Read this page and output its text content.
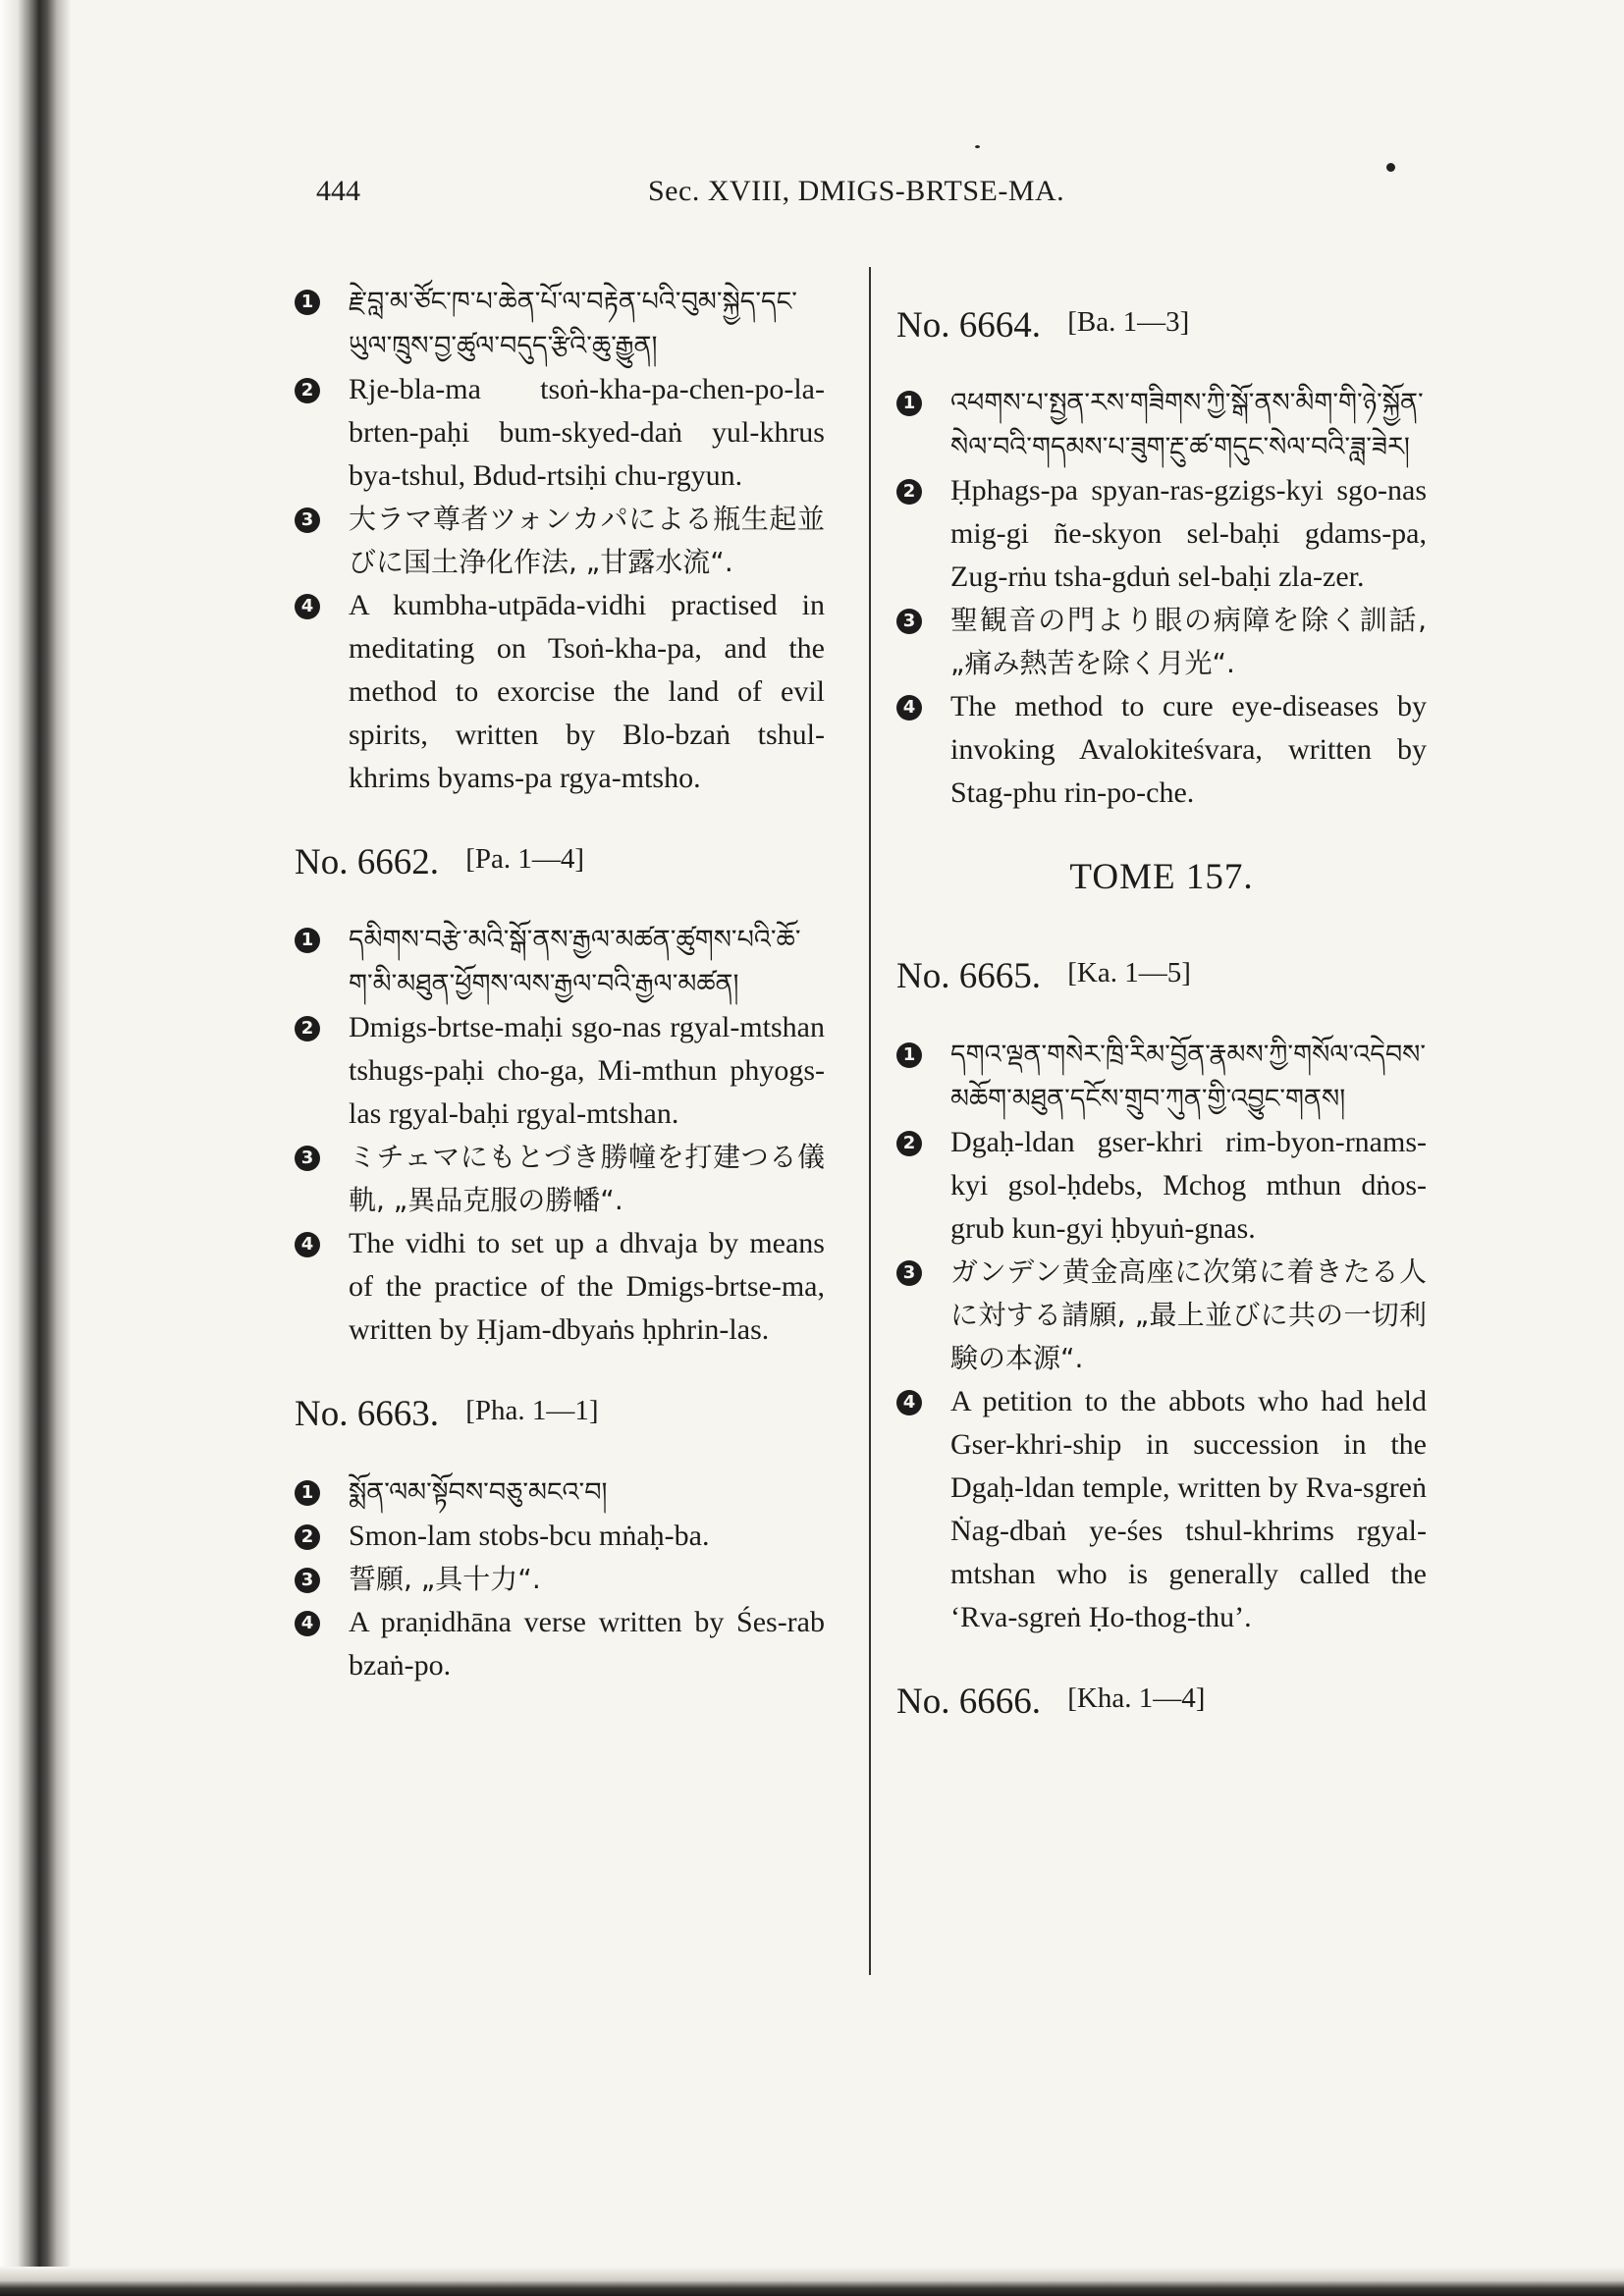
444	Sec. XVIII, DMIGS-BRTSE-MA.

1 རྗེ་བླ་མ་ཙོང་ཁ་པ་ཆེན་པོ་ལ་བརྟེན་པའི་བུམ་སྐྱེད་དང་ཡུལ་ཁྲུས་བྱ་ཚུལ་བདུད་རྩིའི་ཆུ་རྒྱུན།

2 Rje-bla-ma tsoṅ-kha-pa-chen-po-la-brten-paḥi bum-skyed-daṅ yul-khrus bya-tshul, Bdud-rtsiḥi chu-rgyun.

3 大ラマ尊者ツォンカパによる瓶生起並びに国土浄化作法, „甘露水流“.

4 A kumbha-utpāda-vidhi practised in meditating on Tsoṅ-kha-pa, and the method to exorcise the land of evil spirits, written by Blo-bzaṅ tshul-khrims byams-pa rgya-mtsho.

No. 6662. [Pa. 1—4]

1 དམིགས་བརྩེ་མའི་སྒོ་ནས་རྒྱལ་མཚན་ཚུགས་པའི་ཆོ་ག་མི་མཐུན་ཕྱོགས་ལས་རྒྱལ་བའི་རྒྱལ་མཚན།

2 Dmigs-brtse-maḥi sgo-nas rgyal-mtshan tshugs-paḥi cho-ga, Mi-mthun phyogs-las rgyal-baḥi rgyal-mtshan.

3 ミチェマにもとづき勝幢を打建つる儀軌, „異品克服の勝幡“.

4 The vidhi to set up a dhvaja by means of the practice of the Dmigs-brtse-ma, written by Ḥjam-dbyaṅs ḥphrin-las.

No. 6663. [Pha. 1—1]

1 སྨོན་ལམ་སྟོབས་བཅུ་མངའ་བ།

2 Smon-lam stobs-bcu mṅaḥ-ba.

3 誓願, „具十力“.

4 A praṇidhāna verse written by Śes-rab bzaṅ-po.

No. 6664. [Ba. 1—3]

1 འཕགས་པ་སྤྱན་རས་གཟིགས་ཀྱི་སྒོ་ནས་མིག་གི་ཉེ་སྐྱོན་སེལ་བའི་གདམས་པ་ཟུག་རྔུ་ཚ་གདུང་སེལ་བའི་ཟླ་ཟེར།

2 Ḥphags-pa spyan-ras-gzigs-kyi sgo-nas mig-gi ñe-skyon sel-baḥi gdams-pa, Zug-rṅu tsha-gduṅ sel-baḥi zla-zer.

3 聖観音の門より眼の病障を除く訓話, „痛み熱苦を除く月光“.

4 The method to cure eye-diseases by invoking Avalokiteśvara, written by Stag-phu rin-po-che.

TOME 157.
No. 6665. [Ka. 1—5]

1 དགའ་ལྡན་གསེར་ཁྲི་རིམ་བྱོན་རྣམས་ཀྱི་གསོལ་འདེབས་མཆོག་མཐུན་དངོས་གྲུབ་ཀུན་གྱི་འབྱུང་གནས།

2 Dgaḥ-ldan gser-khri rim-byon-rnams-kyi gsol-ḥdebs, Mchog mthun dṅos-grub kun-gyi ḥbyuṅ-gnas.

3 ガンデン黄金高座に次第に着きたる人に対する請願, „最上並びに共の一切利験の本源“.

4 A petition to the abbots who had held Gser-khri-ship in succession in the Dgaḥ-ldan temple, written by Rva-sgreṅ Ṅag-dbaṅ ye-śes tshul-khrims rgyal-mtshan who is generally called the ‘Rva-sgreṅ Ḥo-thog-thu’.

No. 6666. [Kha. 1—4]
